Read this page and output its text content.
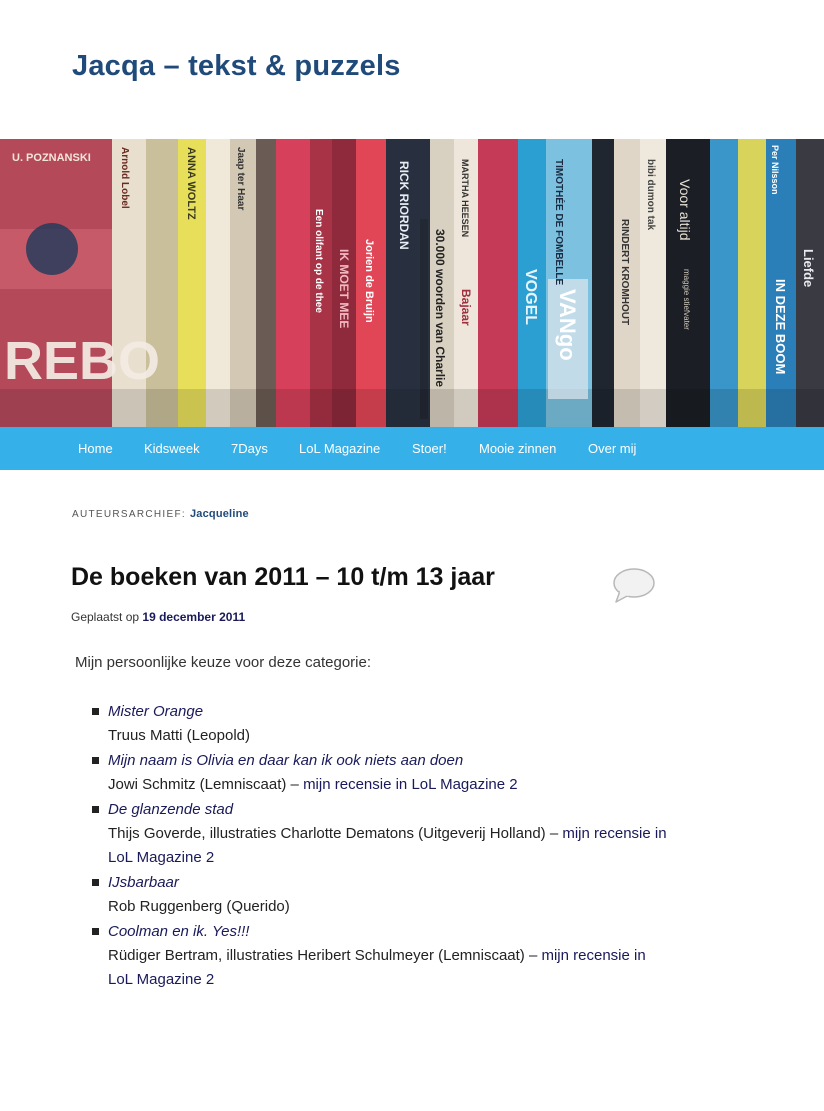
Jacqa – tekst & puzzels
U. POZNANSKI
REBO
Arnold Lobel	ANNA WOLTZ	Jaap ter Haar
Een olifant op de thee IK MOET MEE Jorien de Bruijn
RICK RIORDAN
30.000 woorden van Charlie
MARTHA HEESEN
Bajaar	VOGEL
TIMOTHÉE DE FOMBELLE
VANgo	RINDERT KROMHOUT
bibi dumon tak Voor altijd
maggie stiefvater
Per Nilsson
IN DEZE BOOM
Liefde
Home Kidsweek 7Days LoL Magazine Stoer! Mooie zinnen Over mij
AUTEURSARCHIEF: Jacqueline
De boeken van 2011 – 10 t/m 13 jaar
Geplaatst op 19 december 2011

Mijn persoonlijke keuze voor deze categorie:

Mister Orange
Truus Matti (Leopold)
Mijn naam is Olivia en daar kan ik ook niets aan doen
Jowi Schmitz (Lemniscaat) – mijn recensie in LoL Magazine 2
De glanzende stad
Thijs Goverde, illustraties Charlotte Dematons (Uitgeverij Holland) – mijn recensie in LoL Magazine 2
IJsbarbaar
Rob Ruggenberg (Querido)
Coolman en ik. Yes!!!
Rüdiger Bertram, illustraties Heribert Schulmeyer (Lemniscaat) – mijn recensie in LoL Magazine 2
